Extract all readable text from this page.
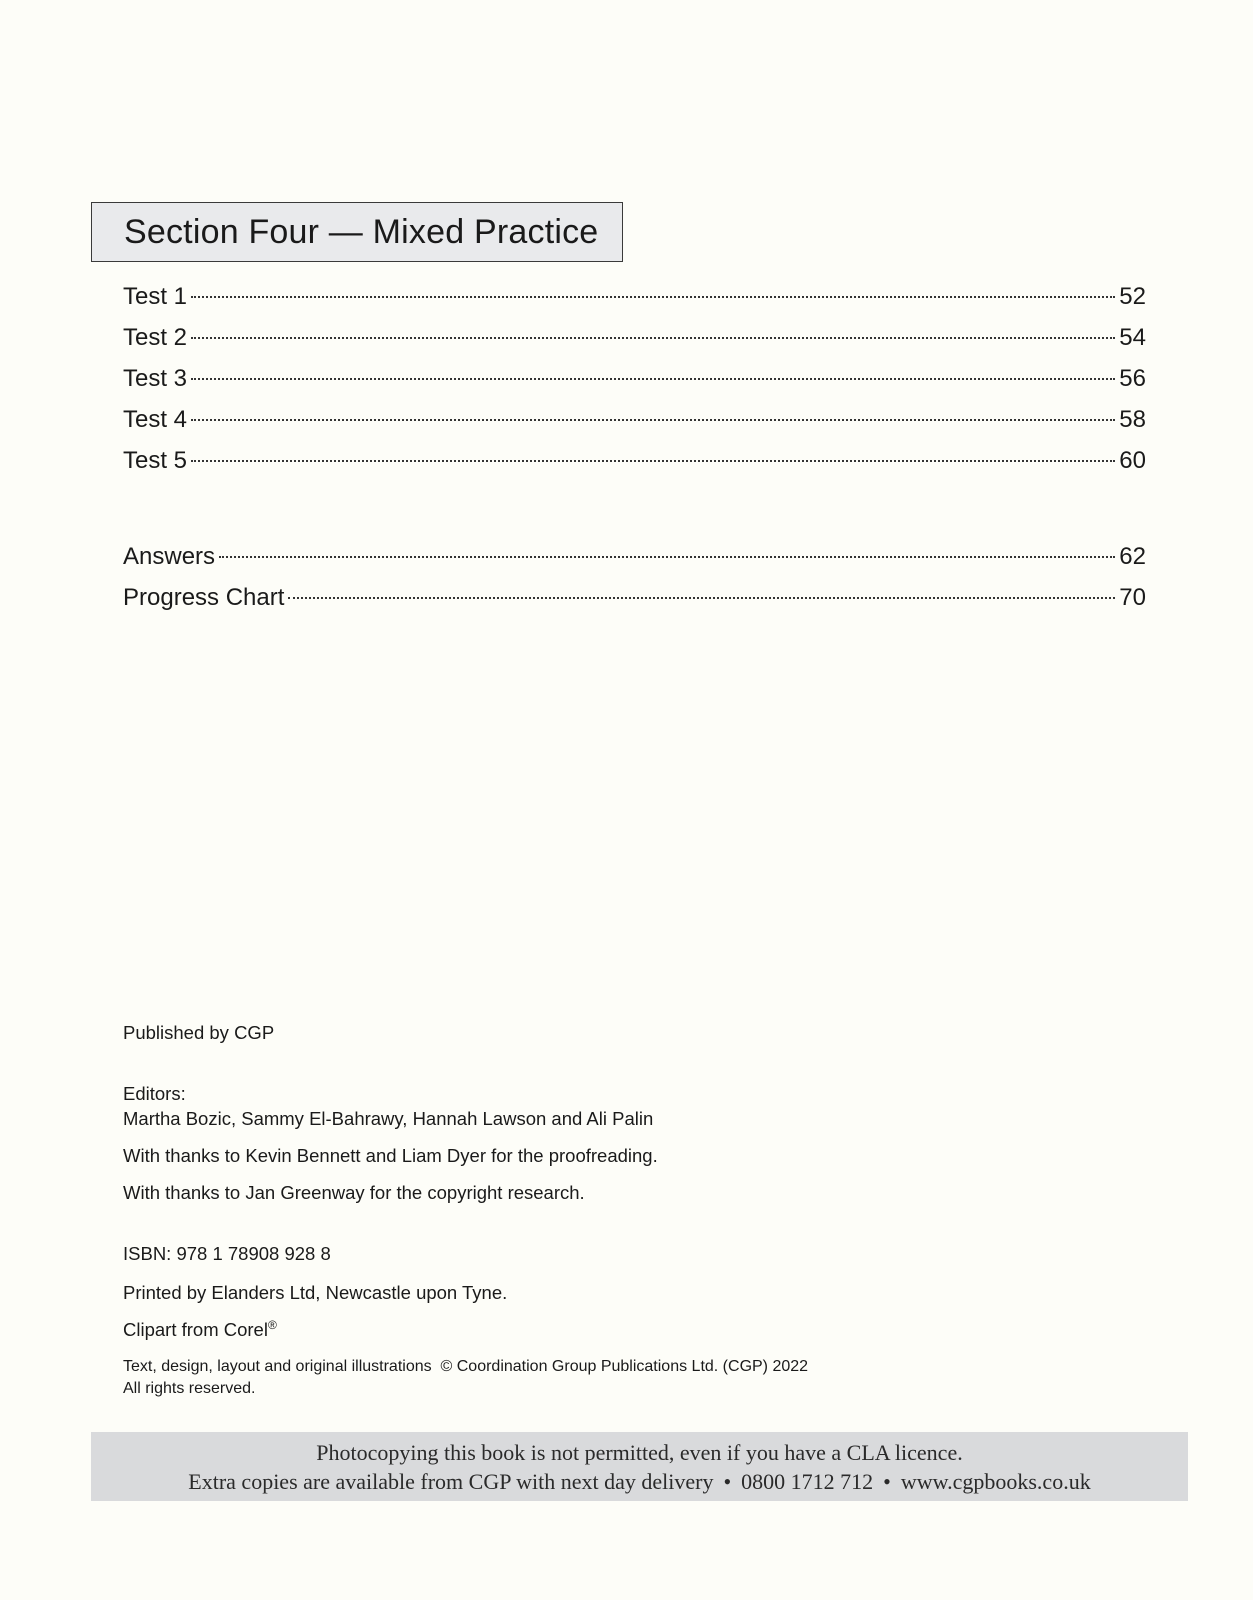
Section Four — Mixed Practice
Test 1	52
Test 2	54
Test 3	56
Test 4	58
Test 5	60
Answers	62
Progress Chart	70

Published by CGP

Editors:

Martha Bozic, Sammy El-Bahrawy, Hannah Lawson and Ali Palin

With thanks to Kevin Bennett and Liam Dyer for the proofreading.

With thanks to Jan Greenway for the copyright research.

ISBN: 978 1 78908 928 8

Printed by Elanders Ltd, Newcastle upon Tyne.

Clipart from Corel®

Text, design, layout and original illustrations  © Coordination Group Publications Ltd. (CGP) 2022

All rights reserved.

Photocopying this book is not permitted, even if you have a CLA licence.

Extra copies are available from CGP with next day delivery • 0800 1712 712 • www.cgpbooks.co.uk
